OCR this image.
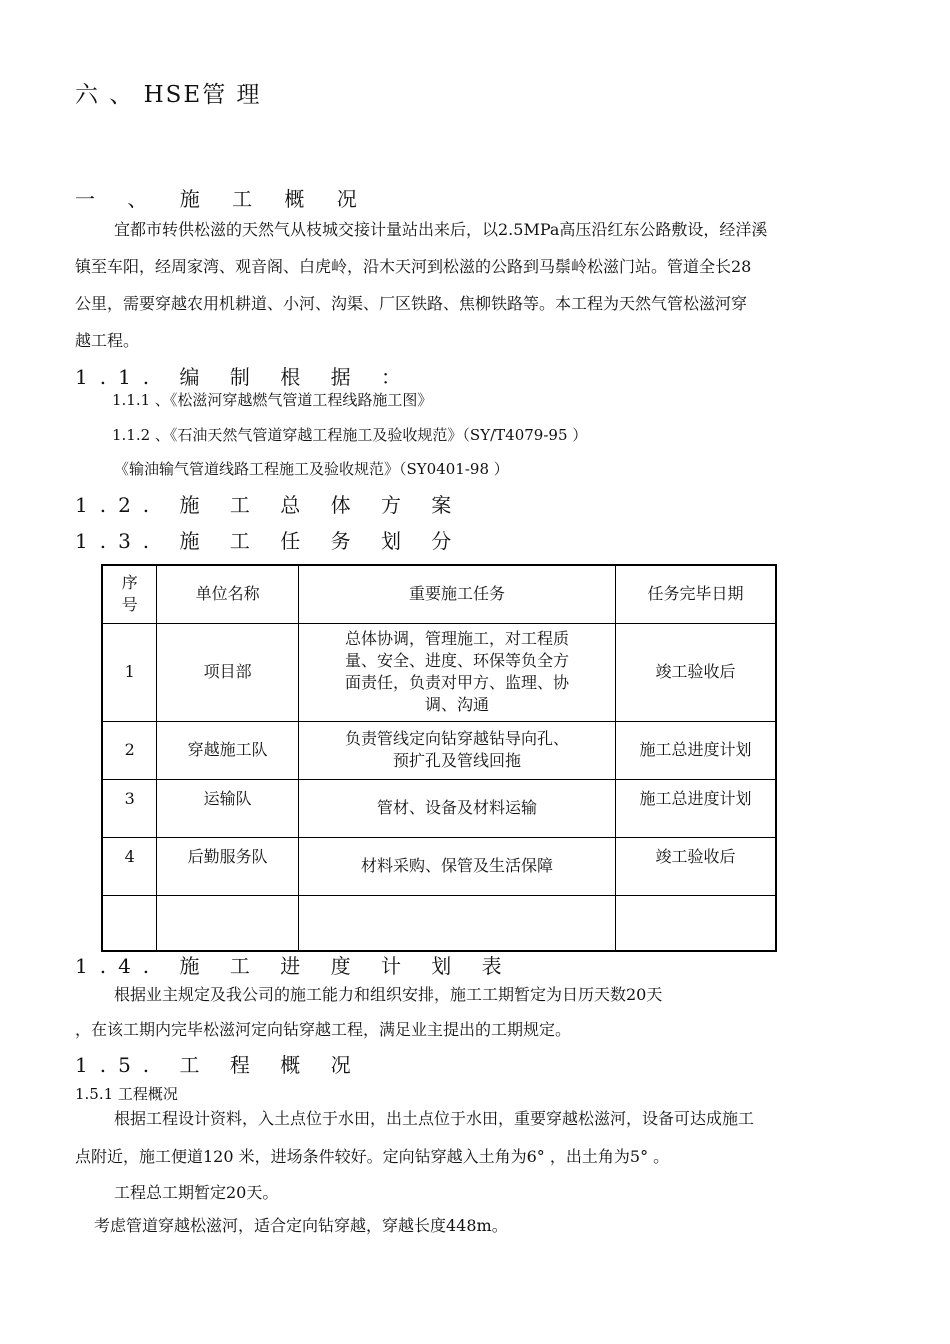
六 、 HSE管 理
一 、 施 工 概 况
宜都市转供松滋的天然气从枝城交接计量站出来后，以2.5MPa高压沿红东公路敷设，经洋溪
镇至车阳，经周家湾、观音阁、白虎岭，沿木天河到松滋的公路到马鬃岭松滋门站。管道全长28
公里，需要穿越农用机耕道、小河、沟渠、厂区铁路、焦柳铁路等。本工程为天然气管松滋河穿
越工程。
1.1. 编 制 根 据 ：
1.1.1 、《松滋河穿越燃气管道工程线路施工图》
1.1.2 、《石油天然气管道穿越工程施工及验收规范》（SY/T4079-95 ）
《输油输气管道线路工程施工及验收规范》（SY0401-98 ）
1.2. 施 工 总 体 方 案
1.3. 施 工 任 务 划 分
序
号	单位名称	重要施工任务	任务完毕日期
1	项目部	总体协调，管理施工，对工程质
量、安全、进度、环保等负全方
面责任，负责对甲方、监理、协
调、沟通	竣工验收后
2	穿越施工队	负责管线定向钻穿越钻导向孔、
预扩孔及管线回拖	施工总进度计划
3	运输队	管材、设备及材料运输	施工总进度计划
4	后勤服务队	材料采购、保管及生活保障	竣工验收后

1.4. 施 工 进 度 计 划 表
根据业主规定及我公司的施工能力和组织安排，施工工期暂定为日历天数20天
，在该工期内完毕松滋河定向钻穿越工程，满足业主提出的工期规定。
1.5. 工 程 概 况
1.5.1 工程概况
根据工程设计资料，入土点位于水田，出土点位于水田，重要穿越松滋河，设备可达成施工
点附近，施工便道120 米，进场条件较好。定向钻穿越入土角为6° ，出土角为5° 。
工程总工期暂定20天。
考虑管道穿越松滋河，适合定向钻穿越，穿越长度448m。
